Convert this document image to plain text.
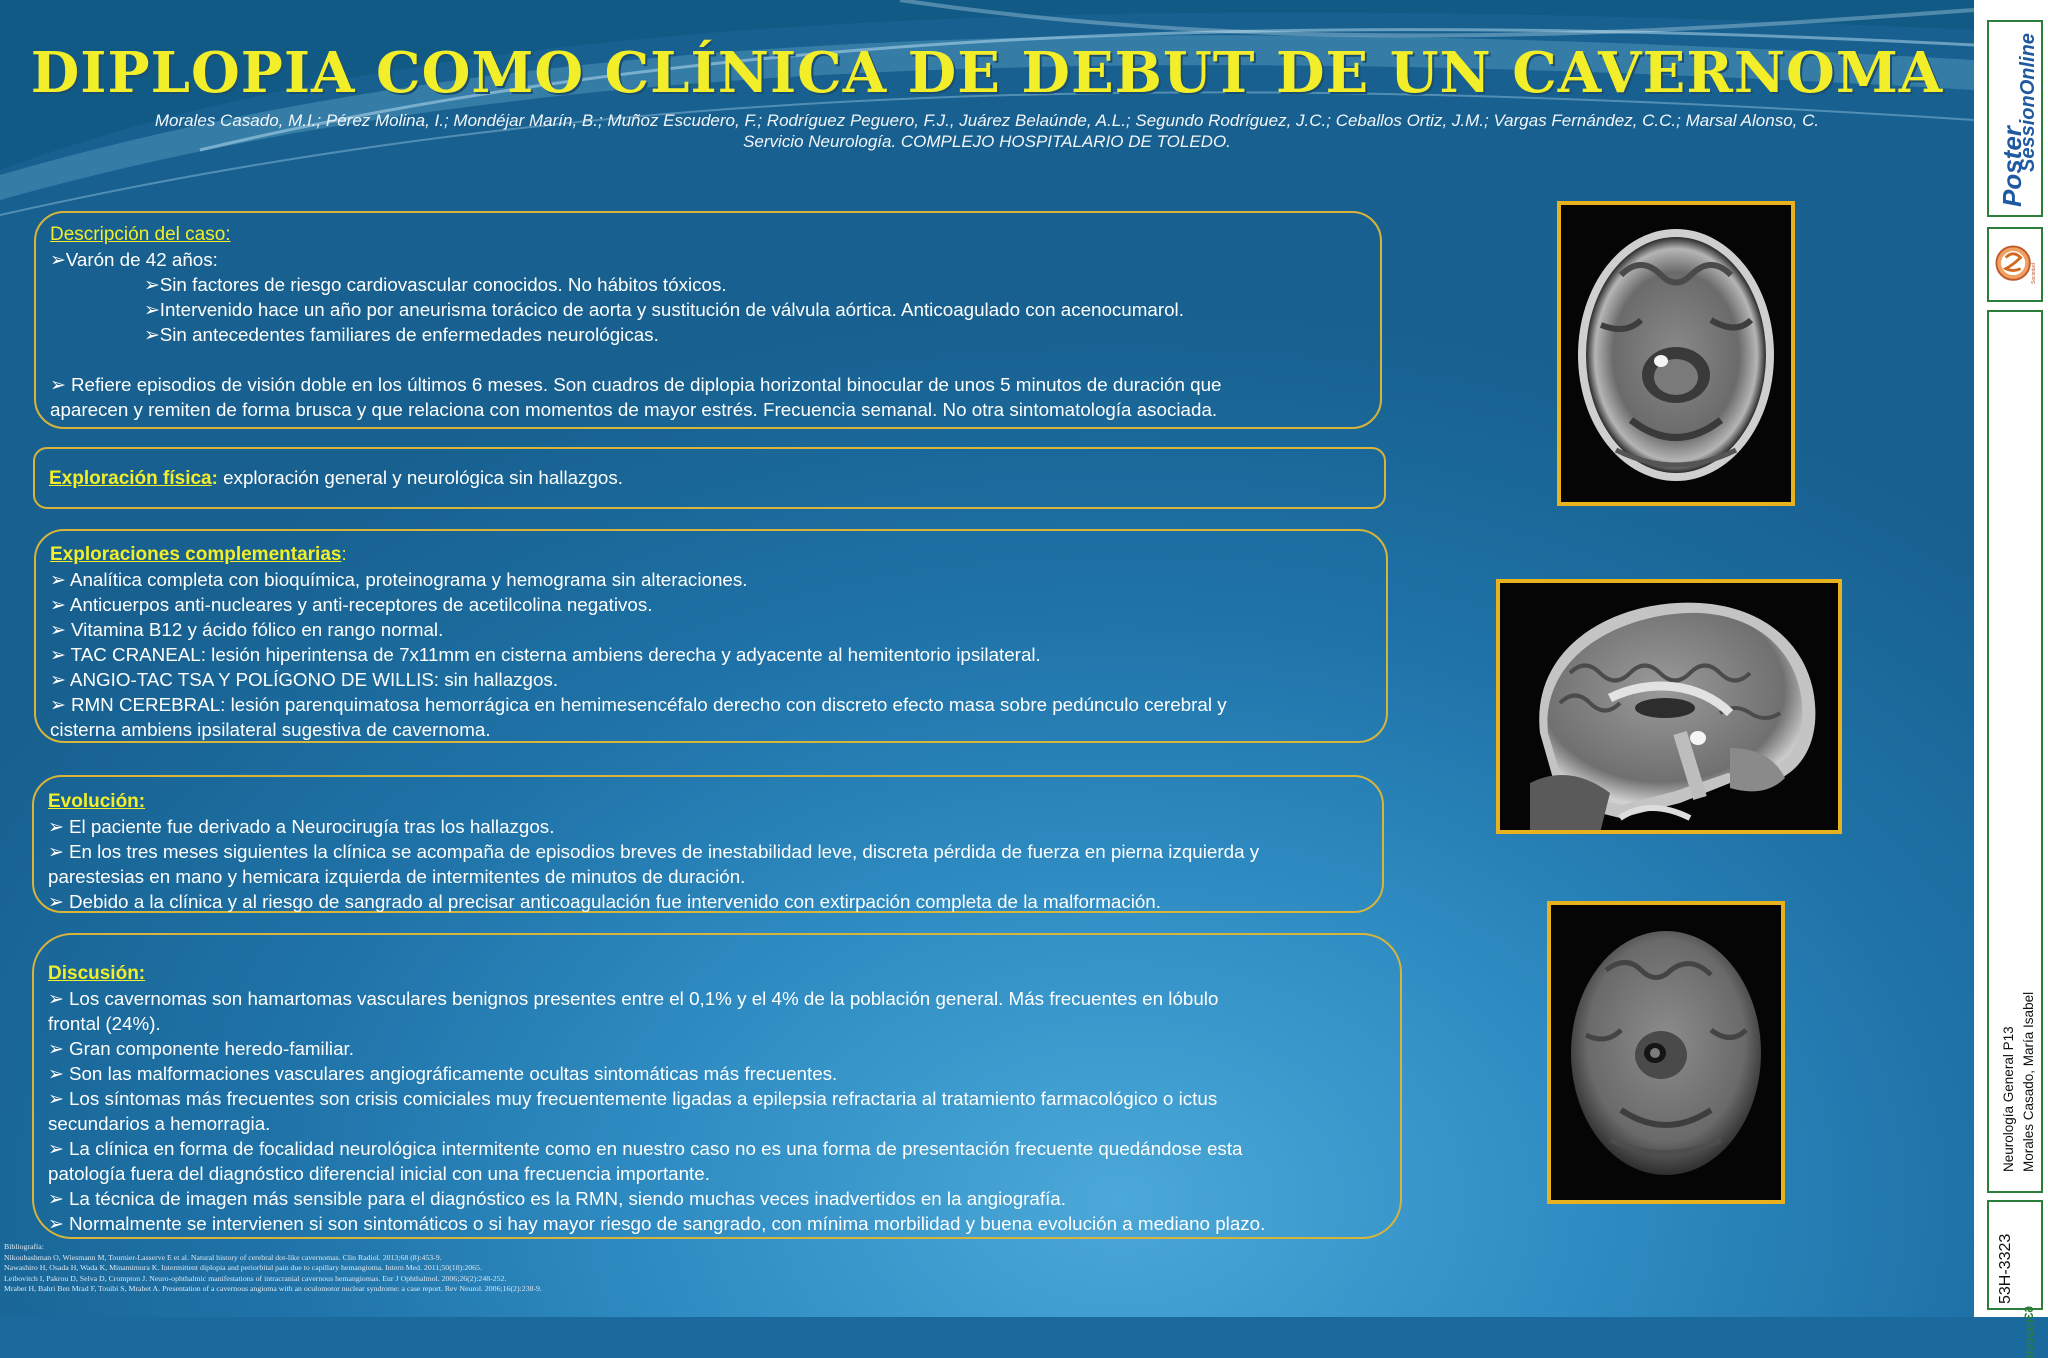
DIPLOPIA COMO CLÍNICA DE DEBUT DE UN CAVERNOMA
Morales Casado, M.I.; Pérez Molina, I.; Mondéjar Marín, B.; Muñoz Escudero, F.; Rodríguez Peguero, F.J., Juárez Belaúnde, A.L.; Segundo Rodríguez, J.C.; Ceballos Ortiz, J.M.; Vargas Fernández, C.C.; Marsal Alonso, C.
Servicio Neurología. COMPLEJO HOSPITALARIO DE TOLEDO.
Descripción del caso:
➢Varón de 42 años:
➢Sin factores de riesgo cardiovascular conocidos. No hábitos tóxicos.
➢Intervenido hace un año por aneurisma torácico de aorta y sustitución de válvula aórtica. Anticoagulado con acenocumarol.
➢Sin antecedentes familiares de enfermedades neurológicas.
➢ Refiere episodios de visión doble en los últimos 6 meses. Son cuadros de diplopia horizontal binocular de unos 5 minutos de duración que
aparecen y remiten de forma brusca y que relaciona con momentos de mayor estrés. Frecuencia semanal. No otra sintomatología asociada.
Exploración física: exploración general y neurológica sin hallazgos.
Exploraciones complementarias:
➢ Analítica completa con bioquímica, proteinograma y hemograma sin alteraciones.
➢ Anticuerpos anti-nucleares y anti-receptores de acetilcolina negativos.
➢ Vitamina B12 y ácido fólico en rango normal.
➢ TAC CRANEAL: lesión hiperintensa de 7x11mm en cisterna ambiens derecha y adyacente al hemitentorio ipsilateral.
➢ ANGIO-TAC TSA Y POLÍGONO DE WILLIS: sin hallazgos.
➢ RMN CEREBRAL: lesión parenquimatosa hemorrágica en hemimesencéfalo derecho con discreto efecto masa sobre pedúnculo cerebral y
cisterna ambiens ipsilateral sugestiva de cavernoma.
Evolución:
➢ El paciente fue derivado a Neurocirugía tras los hallazgos.
➢ En los tres meses siguientes la clínica se acompaña de episodios breves de inestabilidad leve, discreta pérdida de fuerza en pierna izquierda y
parestesias en mano y hemicara izquierda de intermitentes de minutos de duración.
➢ Debido a la clínica y al riesgo de sangrado al precisar anticoagulación fue intervenido con extirpación completa de la malformación.
Discusión:
➢ Los cavernomas son hamartomas vasculares benignos presentes entre el 0,1% y el 4% de la población general. Más frecuentes en lóbulo
frontal (24%).
➢ Gran componente heredo-familiar.
➢ Son las malformaciones vasculares angiográficamente ocultas sintomáticas más frecuentes.
➢ Los síntomas más frecuentes son crisis comiciales muy frecuentemente ligadas a epilepsia refractaria al tratamiento farmacológico o ictus
secundarios a hemorragia.
➢ La clínica en forma de focalidad neurológica intermitente como en nuestro caso no es una forma de presentación frecuente quedándose esta
patología fuera del diagnóstico diferencial inicial con una frecuencia importante.
➢ La técnica de imagen más sensible para el diagnóstico es la RMN, siendo muchas veces inadvertidos en la angiografía.
➢ Normalmente se intervienen si son sintomáticos o si hay mayor riesgo de sangrado, con mínima morbilidad y buena evolución a mediano plazo.
Bibliografía:
Nikoubashman O, Wiesmann M, Tournier-Lasserve E et al. Natural history of cerebral dot-like cavernomas. Clin Radiol. 2013;68 (8):453-9.
Nawashiro H, Osada H, Wada K, Minamimura K. Intermittent diplopia and periorbital pain due to capillary hemangioma. Intern Med. 2011;50(18):2065.
Leibovitch I, Pakrou D, Selva D, Crompton J. Neuro-ophthalmic manifestations of intracranial cavernous hemangiomas. Eur J Ophthalmol. 2006;26(2):248-252.
Mrabet H, Bahri Ben Mrad F, Touibi S, Mrabet A. Presentation of a cavernous angioma with an oculomotor nuclear syndrome: a case report. Rev Neurol. 2006;16(2):238-9.
Poster
SessionOnline
Sociedad
Neurología General P13 Morales Casado, María Isabel
53H-3323
63raseen
